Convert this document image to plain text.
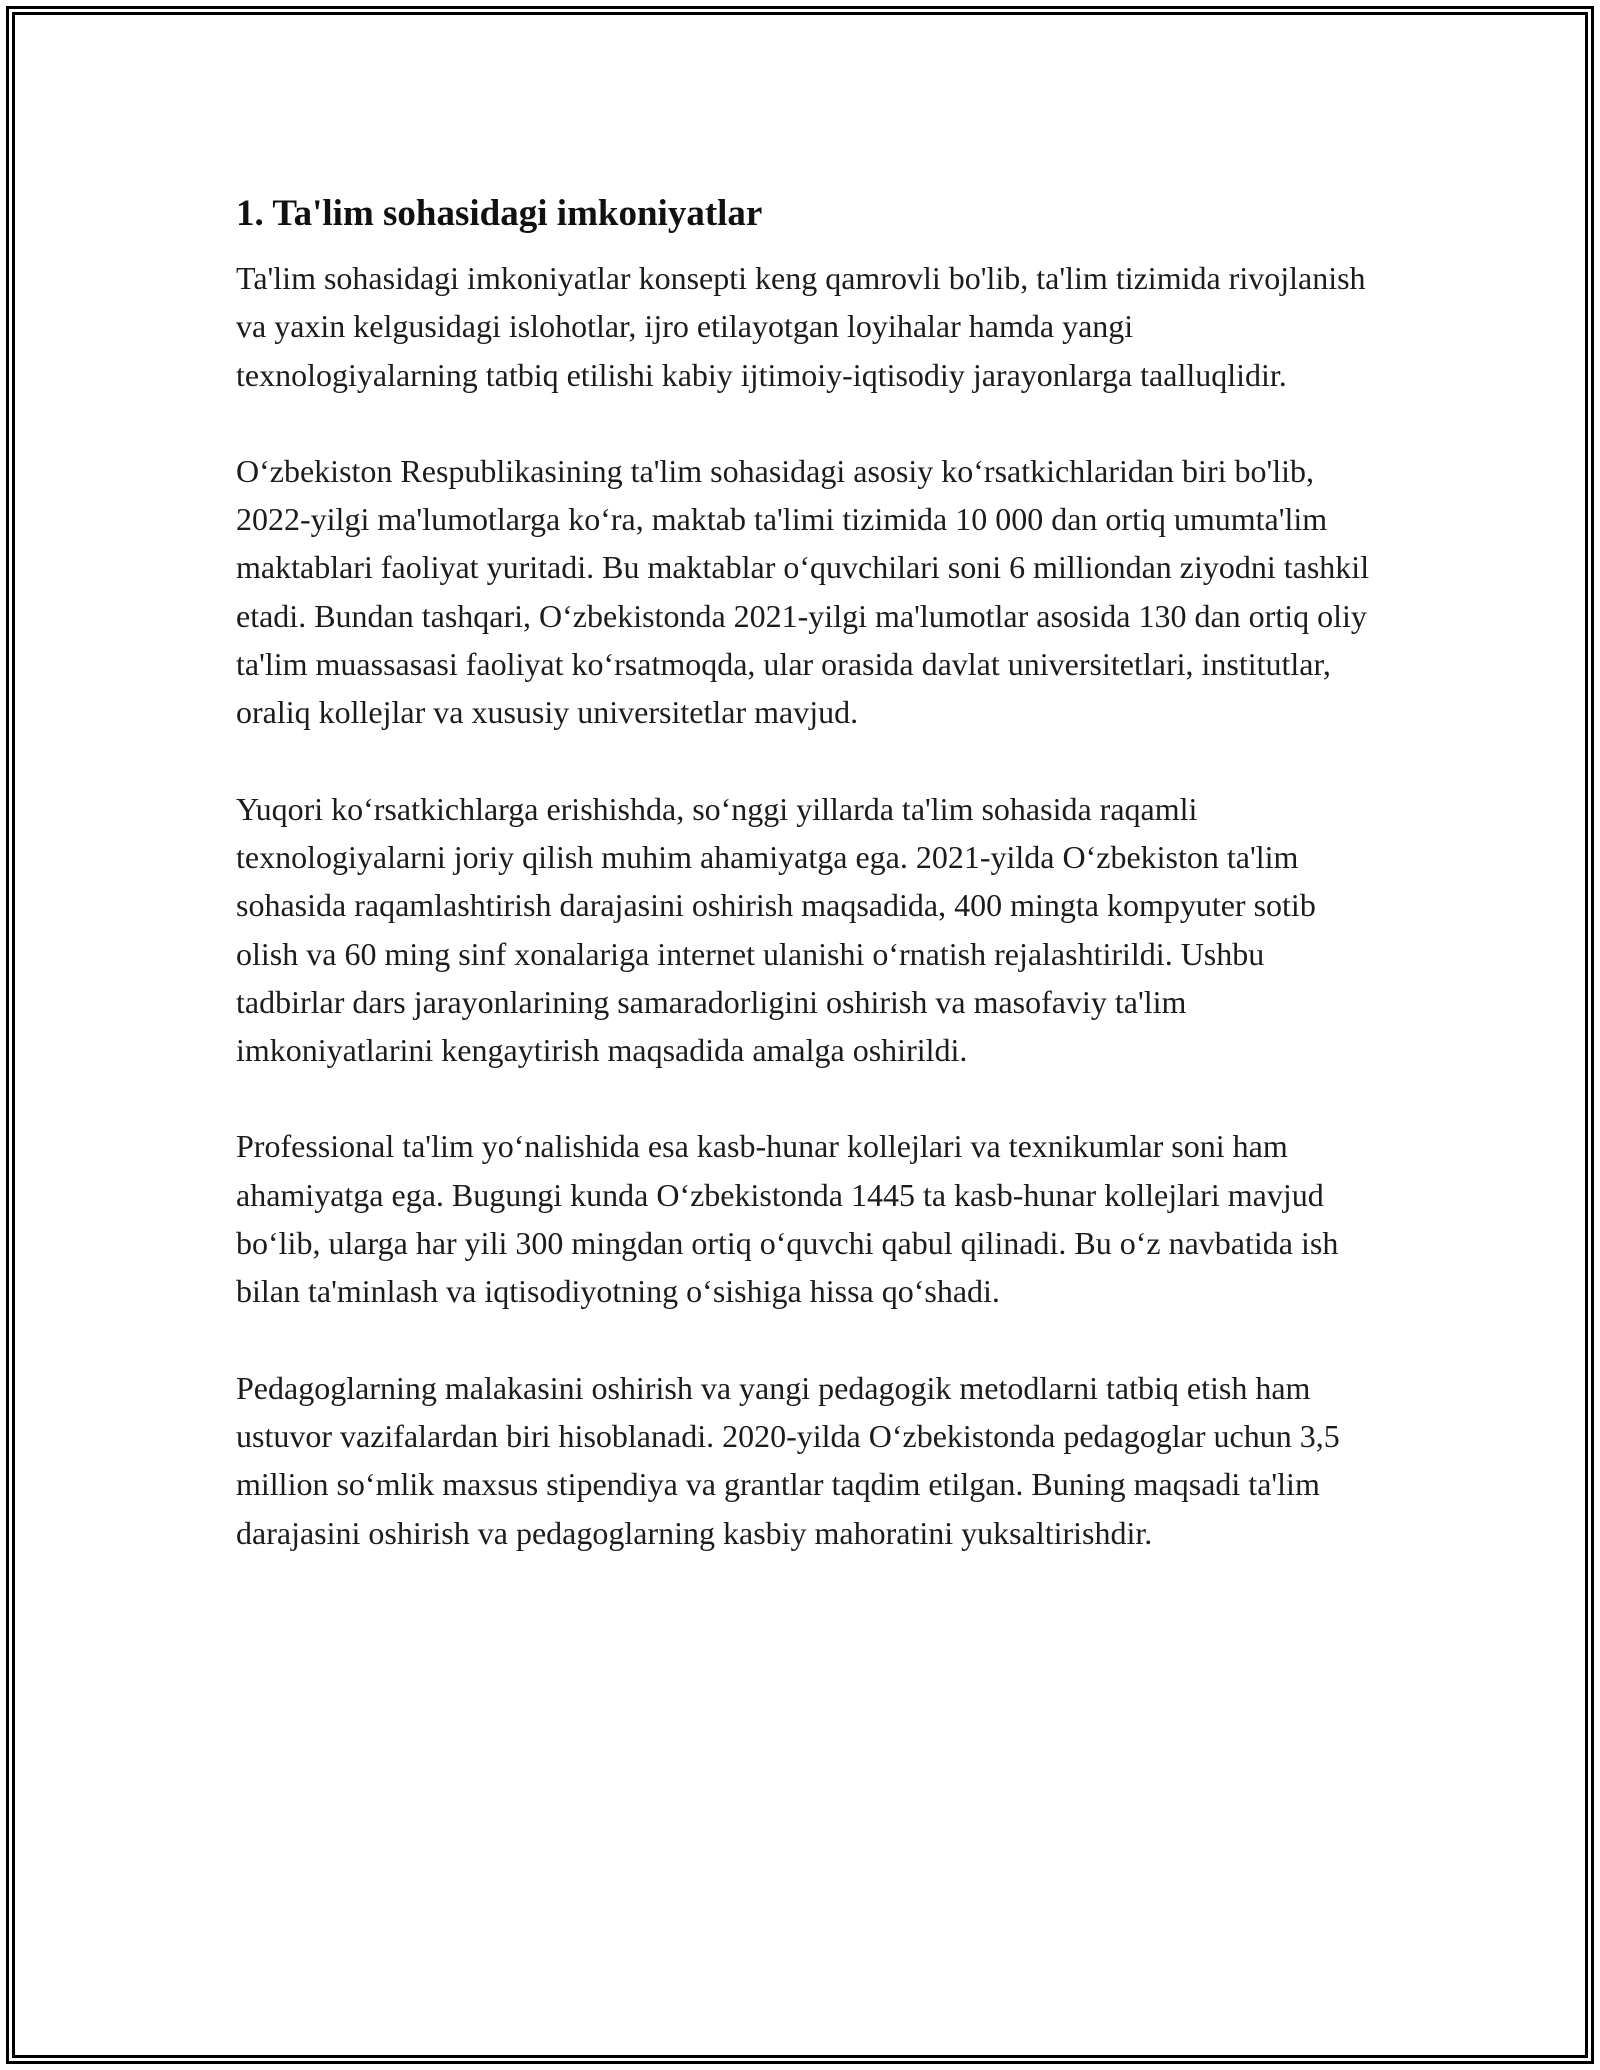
1. Ta'lim sohasidagi imkoniyatlar

Ta'lim sohasidagi imkoniyatlar konsepti keng qamrovli bo'lib, ta'lim tizimida rivojlanish va yaxin kelgusidagi islohotlar, ijro etilayotgan loyihalar hamda yangi texnologiyalarning tatbiq etilishi kabiy ijtimoiy-iqtisodiy jarayonlarga taalluqlidir.

O‘zbekiston Respublikasining ta'lim sohasidagi asosiy ko‘rsatkichlaridan biri bo'lib, 2022-yilgi ma'lumotlarga ko‘ra, maktab ta'limi tizimida 10 000 dan ortiq umumta'lim maktablari faoliyat yuritadi. Bu maktablar o‘quvchilari soni 6 milliondan ziyodni tashkil etadi. Bundan tashqari, O‘zbekistonda 2021-yilgi ma'lumotlar asosida 130 dan ortiq oliy ta'lim muassasasi faoliyat ko‘rsatmoqda, ular orasida davlat universitetlari, institutlar, oraliq kollejlar va xususiy universitetlar mavjud.

Yuqori ko‘rsatkichlarga erishishda, so‘nggi yillarda ta'lim sohasida raqamli texnologiyalarni joriy qilish muhim ahamiyatga ega. 2021-yilda O‘zbekiston ta'lim sohasida raqamlashtirish darajasini oshirish maqsadida, 400 mingta kompyuter sotib olish va 60 ming sinf xonalariga internet ulanishi o‘rnatish rejalashtirildi. Ushbu tadbirlar dars jarayonlarining samaradorligini oshirish va masofaviy ta'lim imkoniyatlarini kengaytirish maqsadida amalga oshirildi.

Professional ta'lim yo‘nalishida esa kasb-hunar kollejlari va texnikumlar soni ham ahamiyatga ega. Bugungi kunda O‘zbekistonda 1445 ta kasb-hunar kollejlari mavjud bo‘lib, ularga har yili 300 mingdan ortiq o‘quvchi qabul qilinadi. Bu o‘z navbatida ish bilan ta'minlash va iqtisodiyotning o‘sishiga hissa qo‘shadi.

Pedagoglarning malakasini oshirish va yangi pedagogik metodlarni tatbiq etish ham ustuvor vazifalardan biri hisoblanadi. 2020-yilda O‘zbekistonda pedagoglar uchun 3,5 million so‘mlik maxsus stipendiya va grantlar taqdim etilgan. Buning maqsadi ta'lim darajasini oshirish va pedagoglarning kasbiy mahoratini yuksaltirishdir.
